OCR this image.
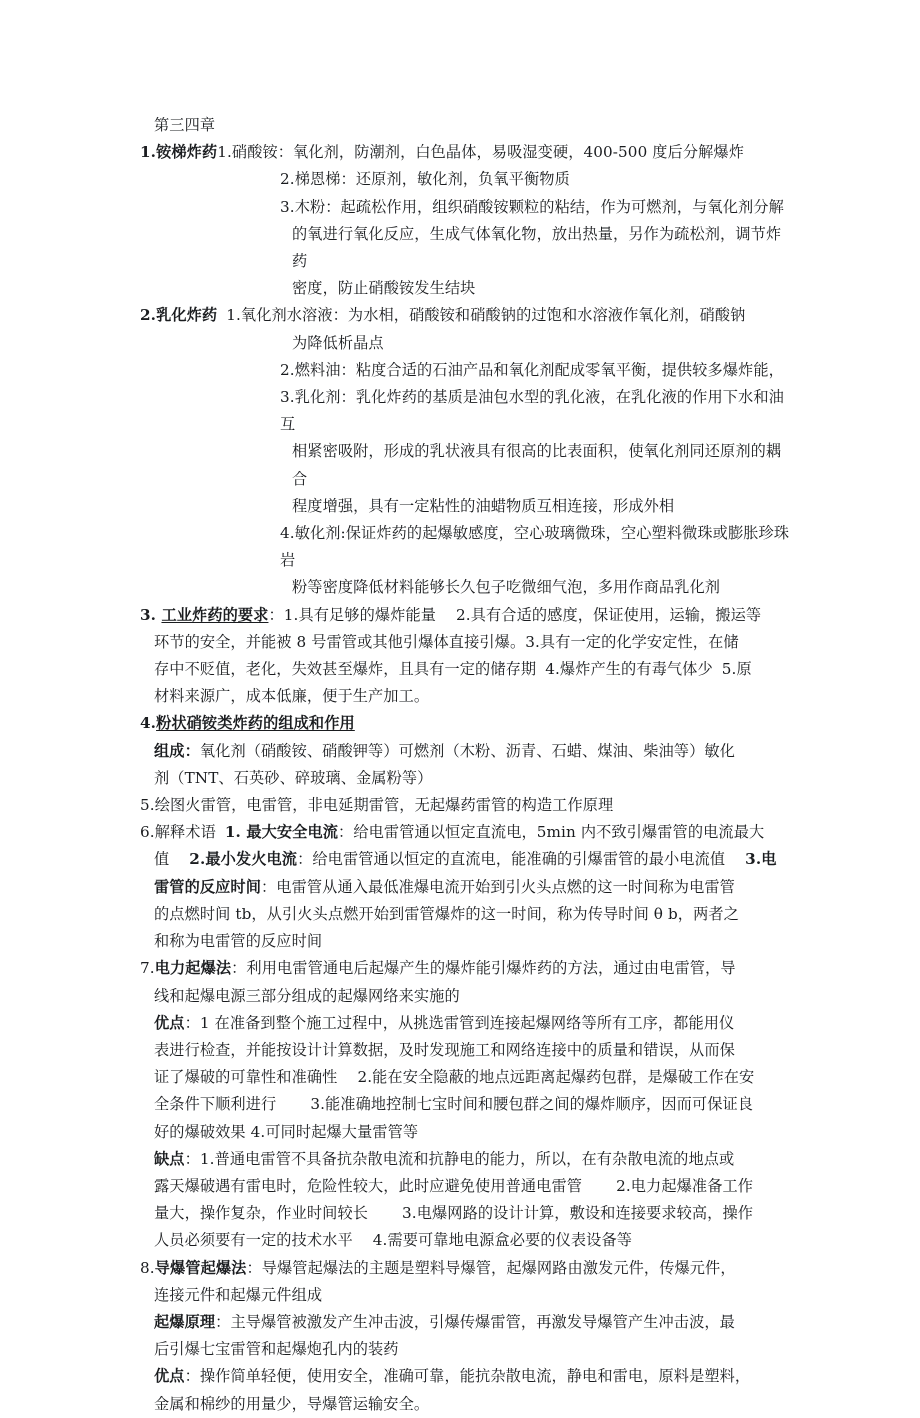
第三四章
1.铵梯炸药1.硝酸铵：氧化剂，防潮剂，白色晶体，易吸湿变硬，400-500 度后分解爆炸
2.梯恩梯：还原剂，敏化剂，负氧平衡物质
3.木粉：起疏松作用，组织硝酸铵颗粒的粘结，作为可燃剂，与氧化剂分解
的氧进行氧化反应，生成气体氧化物，放出热量，另作为疏松剂，调节炸药
密度，防止硝酸铵发生结块
2.乳化炸药 1.氧化剂水溶液：为水相，硝酸铵和硝酸钠的过饱和水溶液作氧化剂，硝酸钠
为降低析晶点
2.燃料油：粘度合适的石油产品和氧化剂配成零氧平衡，提供较多爆炸能，
3.乳化剂：乳化炸药的基质是油包水型的乳化液，在乳化液的作用下水和油互
相紧密吸附，形成的乳状液具有很高的比表面积，使氧化剂同还原剂的耦合
程度增强，具有一定粘性的油蜡物质互相连接，形成外相
4.敏化剂:保证炸药的起爆敏感度，空心玻璃微珠，空心塑料微珠或膨胀珍珠岩
粉等密度降低材料能够长久包子吃微细气泡，多用作商品乳化剂
3. 工业炸药的要求：1.具有足够的爆炸能量 2.具有合适的感度，保证使用，运输，搬运等
环节的安全，并能被 8 号雷管或其他引爆体直接引爆。3.具有一定的化学安定性，在储
存中不贬值，老化，失效甚至爆炸，且具有一定的储存期 4.爆炸产生的有毒气体少 5.原
材料来源广，成本低廉，便于生产加工。
4.粉状硝铵类炸药的组成和作用
组成：氧化剂（硝酸铵、硝酸钾等）可燃剂（木粉、沥青、石蜡、煤油、柴油等）敏化
剂（TNT、石英砂、碎玻璃、金属粉等）
5.绘图火雷管，电雷管，非电延期雷管，无起爆药雷管的构造工作原理
6.解释术语 1. 最大安全电流：给电雷管通以恒定直流电，5min 内不致引爆雷管的电流最大
值 2.最小发火电流：给电雷管通以恒定的直流电，能准确的引爆雷管的最小电流值 3.电
雷管的反应时间：电雷管从通入最低准爆电流开始到引火头点燃的这一时间称为电雷管
的点燃时间 tb，从引火头点燃开始到雷管爆炸的这一时间，称为传导时间 θ b，两者之
和称为电雷管的反应时间
7.电力起爆法：利用电雷管通电后起爆产生的爆炸能引爆炸药的方法，通过由电雷管，导
线和起爆电源三部分组成的起爆网络来实施的
优点：1 在准备到整个施工过程中，从挑选雷管到连接起爆网络等所有工序，都能用仪
表进行检查，并能按设计计算数据，及时发现施工和网络连接中的质量和错误，从而保
证了爆破的可靠性和准确性 2.能在安全隐蔽的地点远距离起爆药包群，是爆破工作在安
全条件下顺利进行 3.能准确地控制七宝时间和腰包群之间的爆炸顺序，因而可保证良
好的爆破效果 4.可同时起爆大量雷管等
缺点：1.普通电雷管不具备抗杂散电流和抗静电的能力，所以，在有杂散电流的地点或
露天爆破遇有雷电时，危险性较大，此时应避免使用普通电雷管 2.电力起爆准备工作
量大，操作复杂，作业时间较长 3.电爆网路的设计计算，敷设和连接要求较高，操作
人员必须要有一定的技术水平 4.需要可靠地电源盒必要的仪表设备等
8.导爆管起爆法：导爆管起爆法的主题是塑料导爆管，起爆网路由激发元件，传爆元件，
连接元件和起爆元件组成
起爆原理：主导爆管被激发产生冲击波，引爆传爆雷管，再激发导爆管产生冲击波，最
后引爆七宝雷管和起爆炮孔内的装药
优点：操作简单轻便，使用安全，准确可靠，能抗杂散电流，静电和雷电，原料是塑料，
金属和棉纱的用量少，导爆管运输安全。
